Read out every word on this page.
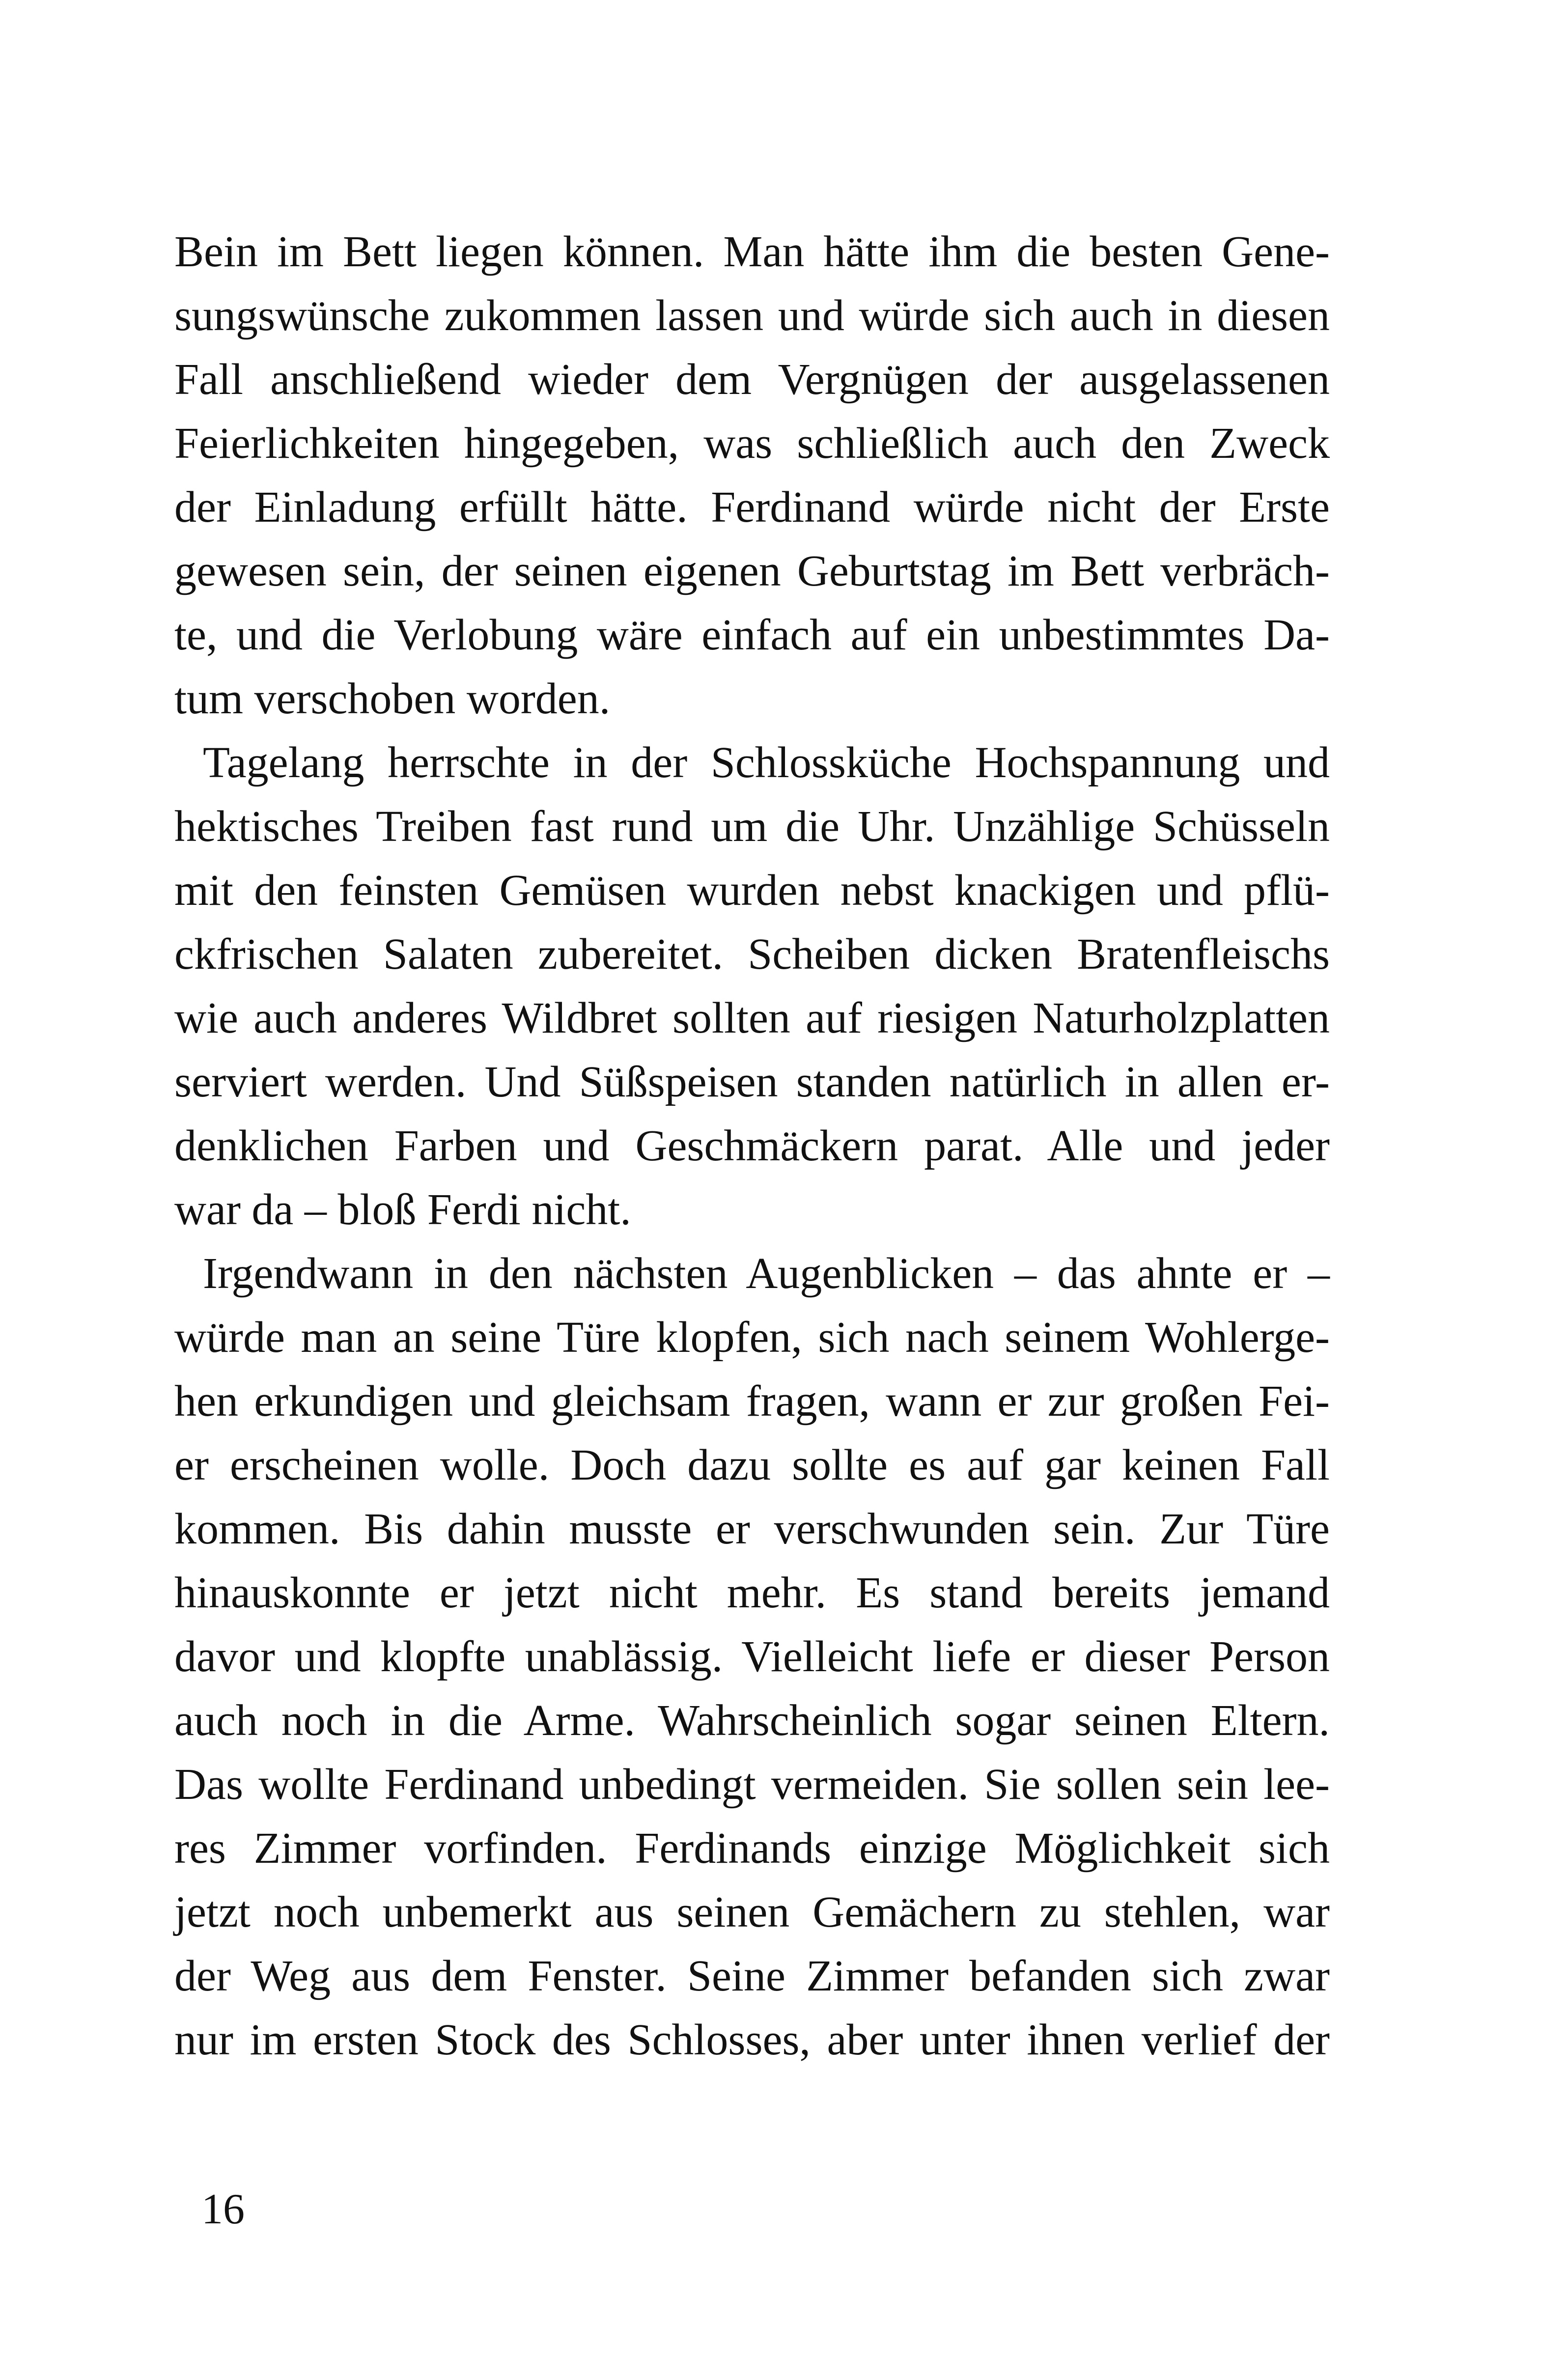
Bein im Bett liegen können. Man hätte ihm die besten Gene-
sungswünsche zukommen lassen und würde sich auch in diesen
Fall anschließend wieder dem Vergnügen der ausgelassenen
Feierlichkeiten hingegeben, was schließlich auch den Zweck
der Einladung erfüllt hätte. Ferdinand würde nicht der Erste
gewesen sein, der seinen eigenen Geburtstag im Bett verbräch-
te, und die Verlobung wäre einfach auf ein unbestimmtes Da-
tum verschoben worden.
Tagelang herrschte in der Schlossküche Hochspannung und
hektisches Treiben fast rund um die Uhr. Unzählige Schüsseln
mit den feinsten Gemüsen wurden nebst knackigen und pflü-
ckfrischen Salaten zubereitet. Scheiben dicken Bratenfleischs
wie auch anderes Wildbret sollten auf riesigen Naturholzplatten
serviert werden. Und Süßspeisen standen natürlich in allen er-
denklichen Farben und Geschmäckern parat. Alle und jeder
war da – bloß Ferdi nicht.
Irgendwann in den nächsten Augenblicken – das ahnte er –
würde man an seine Türe klopfen, sich nach seinem Wohlerge-
hen erkundigen und gleichsam fragen, wann er zur großen Fei-
er erscheinen wolle. Doch dazu sollte es auf gar keinen Fall
kommen. Bis dahin musste er verschwunden sein. Zur Türe
hinauskonnte er jetzt nicht mehr. Es stand bereits jemand
davor und klopfte unablässig. Vielleicht liefe er dieser Person
auch noch in die Arme. Wahrscheinlich sogar seinen Eltern.
Das wollte Ferdinand unbedingt vermeiden. Sie sollen sein lee-
res Zimmer vorfinden. Ferdinands einzige Möglichkeit sich
jetzt noch unbemerkt aus seinen Gemächern zu stehlen, war
der Weg aus dem Fenster. Seine Zimmer befanden sich zwar
nur im ersten Stock des Schlosses, aber unter ihnen verlief der
16
